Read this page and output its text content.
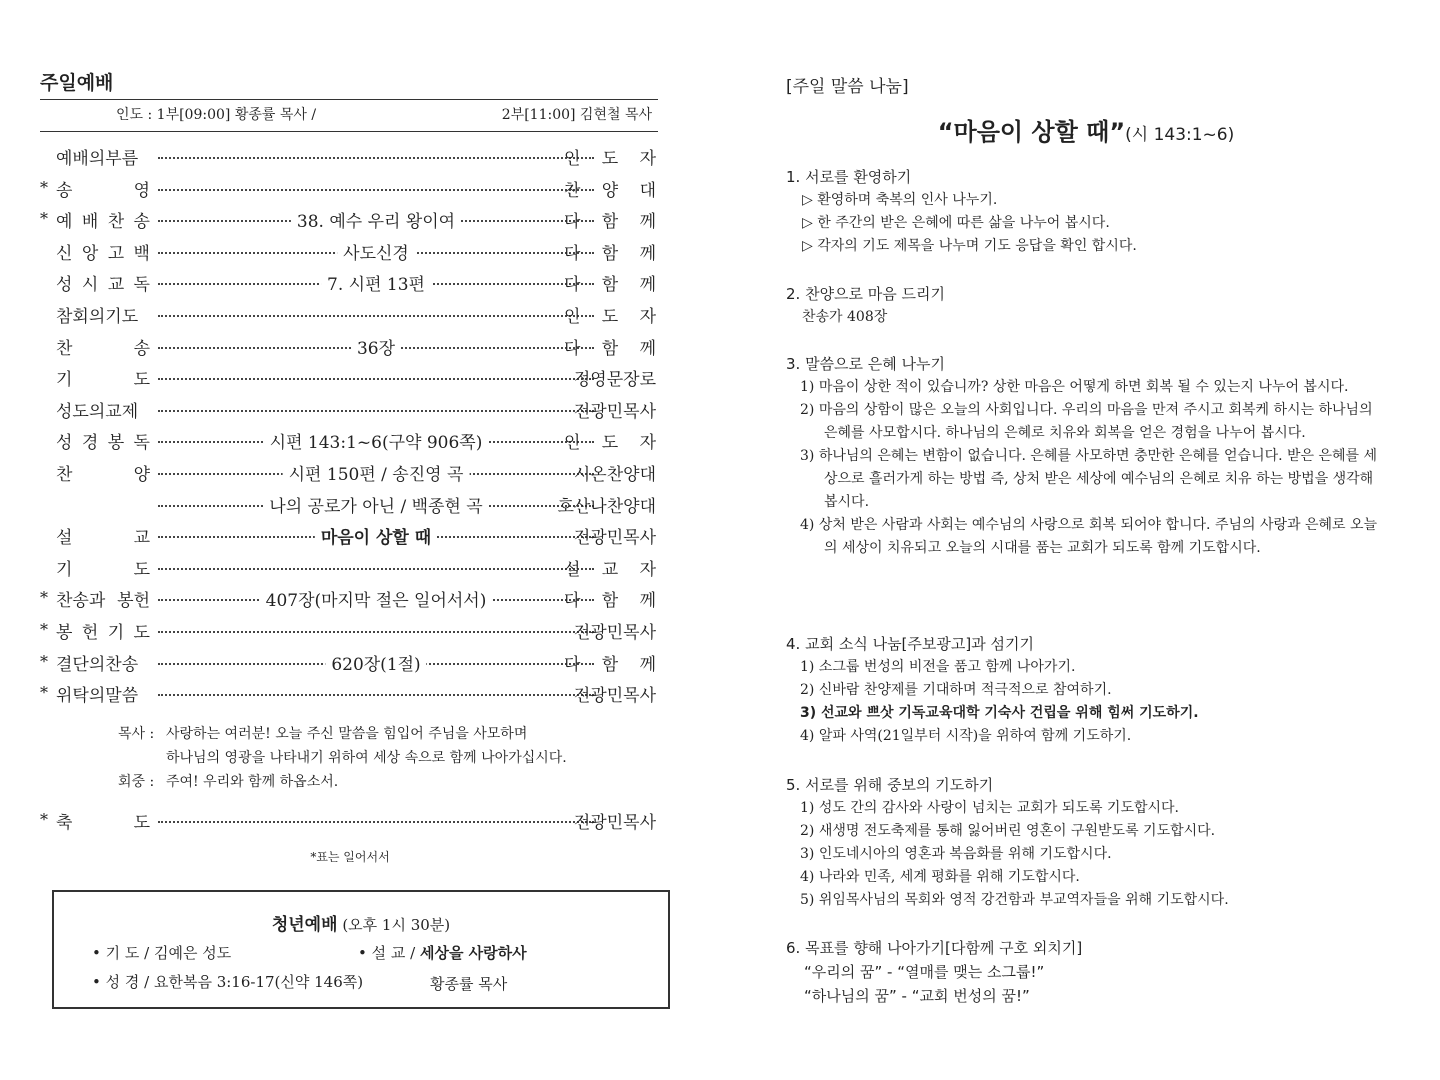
주일예배
인도 : 1부[09:00] 황종률 목사 /	2부[11:00] 김현철 목사
예배의부름	인 도 자
* 송	영	찬 양 대
* 예 배 찬 송	38. 예수 우리 왕이여	다 함 께
신 앙 고 백	사도신경	다 함 께
성 시 교 독	7. 시편 13편	다 함 께
참회의기도	인 도 자
찬	송	36장	다 함 께
기	도	정영문장로
성도의교제	전광민목사
성 경 봉 독	시편 143:1~6(구약 906쪽)	인 도 자
찬	양	시편 150편 / 송진영 곡	시온찬양대
나의 공로가 아닌 / 백종현 곡	호산나찬양대
설	교	마음이 상할 때	전광민목사
기	도	설 교 자
* 찬송과 봉헌	407장(마지막 절은 일어서서)	다 함 께
* 봉 헌 기 도	전광민목사
* 결단의찬송	620장(1절)	다 함 께
* 위탁의말씀	전광민목사
목사 : 사랑하는 여러분! 오늘 주신 말씀을 힘입어 주님을 사모하며
하나님의 영광을 나타내기 위하여 세상 속으로 함께 나아가십시다.
회중 : 주여! 우리와 함께 하옵소서.
* 축	도	전광민목사
*표는 일어서서
청년예배 (오후 1시 30분)
• 기 도 / 김예은 성도	• 설 교 / 세상을 사랑하사
• 성 경 / 요한복음 3:16-17(신약 146쪽)	황종률 목사
[주일 말씀 나눔]
“마음이 상할 때”(시 143:1~6)
1. 서로를 환영하기
▷ 환영하며 축복의 인사 나누기.
▷ 한 주간의 받은 은혜에 따른 삶을 나누어 봅시다.
▷ 각자의 기도 제목을 나누며 기도 응답을 확인 합시다.
2. 찬양으로 마음 드리기
찬송가 408장
3. 말씀으로 은혜 나누기
1) 마음이 상한 적이 있습니까? 상한 마음은 어떻게 하면 회복 될 수 있는지 나누어 봅시다.
2) 마음의 상함이 많은 오늘의 사회입니다. 우리의 마음을 만져 주시고 회복케 하시는 하나님의 은혜를 사모합시다. 하나님의 은혜로 치유와 회복을 얻은 경험을 나누어 봅시다.
3) 하나님의 은혜는 변함이 없습니다. 은혜를 사모하면 충만한 은혜를 얻습니다. 받은 은혜를 세상으로 흘러가게 하는 방법 즉, 상처 받은 세상에 예수님의 은혜로 치유 하는 방법을 생각해 봅시다.
4) 상처 받은 사람과 사회는 예수님의 사랑으로 회복 되어야 합니다. 주님의 사랑과 은혜로 오늘의 세상이 치유되고 오늘의 시대를 품는 교회가 되도록 함께 기도합시다.
4. 교회 소식 나눔[주보광고]과 섬기기
1) 소그룹 번성의 비전을 품고 함께 나아가기.
2) 신바람 찬양제를 기대하며 적극적으로 참여하기.
3) 선교와 쁘삿 기독교육대학 기숙사 건립을 위해 힘써 기도하기.
4) 알파 사역(21일부터 시작)을 위하여 함께 기도하기.
5. 서로를 위해 중보의 기도하기
1) 성도 간의 감사와 사랑이 넘치는 교회가 되도록 기도합시다.
2) 새생명 전도축제를 통해 잃어버린 영혼이 구원받도록 기도합시다.
3) 인도네시아의 영혼과 복음화를 위해 기도합시다.
4) 나라와 민족, 세계 평화를 위해 기도합시다.
5) 위임목사님의 목회와 영적 강건함과 부교역자들을 위해 기도합시다.
6. 목표를 향해 나아가기[다함께 구호 외치기]
“우리의 꿈” - “열매를 맺는 소그룹!”
“하나님의 꿈” - “교회 번성의 꿈!”
